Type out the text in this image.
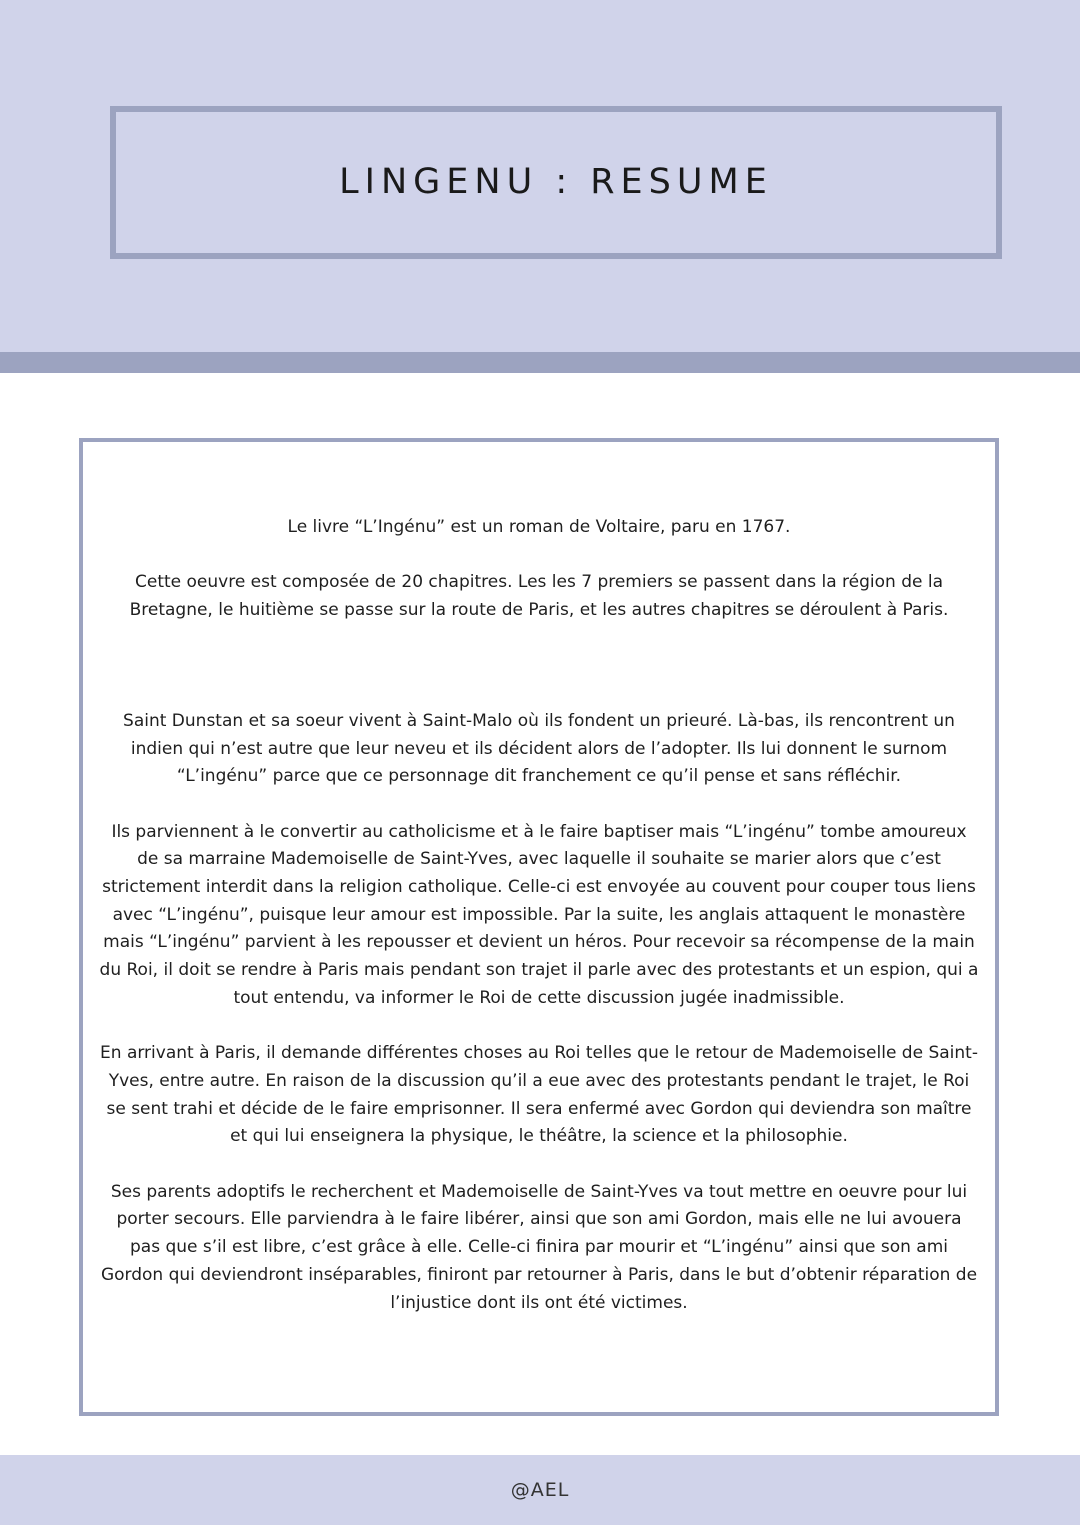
LINGENU : RESUME

Le livre “L’Ingénu” est un roman de Voltaire, paru en 1767.

Cette oeuvre est composée de 20 chapitres. Les les 7 premiers se passent dans la région de la Bretagne, le huitième se passe sur la route de Paris, et les autres chapitres se déroulent à Paris.

Saint Dunstan et sa soeur vivent à Saint-Malo où ils fondent un prieuré. Là-bas, ils rencontrent un indien qui n’est autre que leur neveu et ils décident alors de l’adopter. Ils lui donnent le surnom “L’ingénu” parce que ce personnage dit franchement ce qu’il pense et sans réfléchir.

Ils parviennent à le convertir au catholicisme et à le faire baptiser mais “L’ingénu” tombe amoureux de sa marraine Mademoiselle de Saint-Yves, avec laquelle il souhaite se marier alors que c’est strictement interdit dans la religion catholique. Celle-ci est envoyée au couvent pour couper tous liens avec “L’ingénu”, puisque leur amour est impossible. Par la suite, les anglais attaquent le monastère mais “L’ingénu” parvient à les repousser et devient un héros. Pour recevoir sa récompense de la main du Roi, il doit se rendre à Paris mais pendant son trajet il parle avec des protestants et un espion, qui a tout entendu, va informer le Roi de cette discussion jugée inadmissible.

En arrivant à Paris, il demande différentes choses au Roi telles que le retour de Mademoiselle de Saint-Yves, entre autre. En raison de la discussion qu’il a eue avec des protestants pendant le trajet, le Roi se sent trahi et décide de le faire emprisonner. Il sera enfermé avec Gordon qui deviendra son maître et qui lui enseignera la physique, le théâtre, la science et la philosophie.

Ses parents adoptifs le recherchent et Mademoiselle de Saint-Yves va tout mettre en oeuvre pour lui porter secours. Elle parviendra à le faire libérer, ainsi que son ami Gordon, mais elle ne lui avouera pas que s’il est libre, c’est grâce à elle. Celle-ci finira par mourir et “L’ingénu” ainsi que son ami Gordon qui deviendront inséparables, finiront par retourner à Paris, dans le but d’obtenir réparation de l’injustice dont ils ont été victimes.

@AEL
